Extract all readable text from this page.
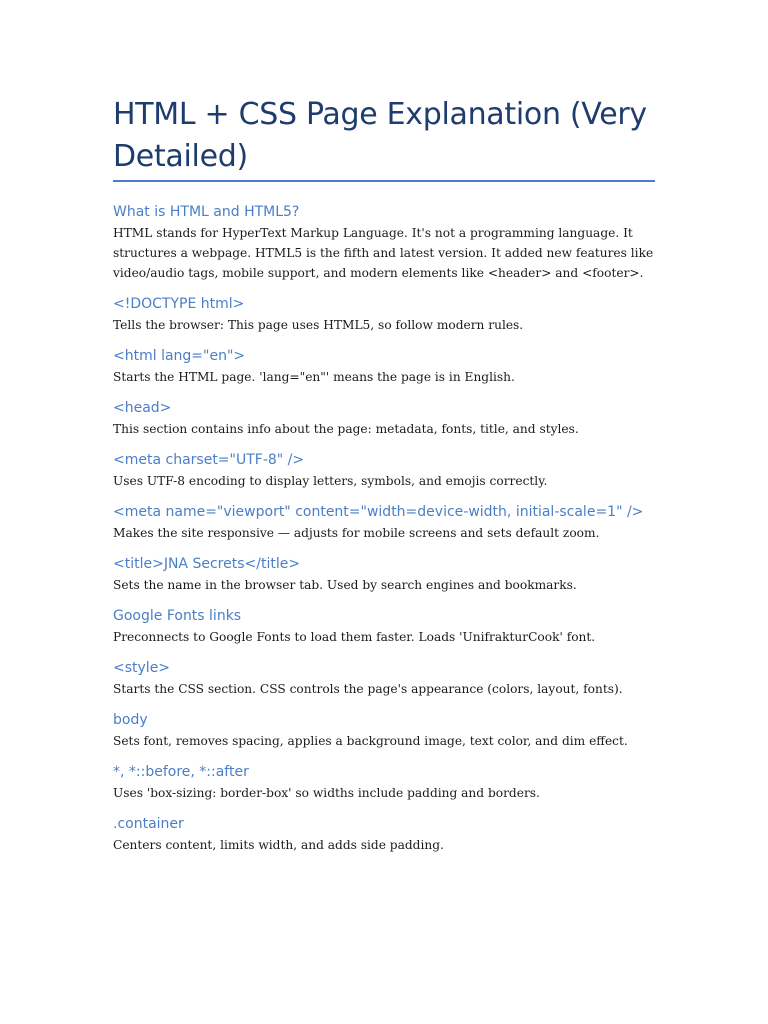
HTML + CSS Page Explanation (Very Detailed)
What is HTML and HTML5?

HTML stands for HyperText Markup Language. It's not a programming language. It structures a webpage. HTML5 is the fifth and latest version. It added new features like video/audio tags, mobile support, and modern elements like <header> and <footer>.

<!DOCTYPE html>

Tells the browser: This page uses HTML5, so follow modern rules.

<html lang="en">

Starts the HTML page. 'lang="en"' means the page is in English.

<head>

This section contains info about the page: metadata, fonts, title, and styles.

<meta charset="UTF-8" />

Uses UTF-8 encoding to display letters, symbols, and emojis correctly.

<meta name="viewport" content="width=device-width, initial-scale=1" />

Makes the site responsive — adjusts for mobile screens and sets default zoom.

<title>JNA Secrets</title>

Sets the name in the browser tab. Used by search engines and bookmarks.

Google Fonts links

Preconnects to Google Fonts to load them faster. Loads 'UnifrakturCook' font.

<style>

Starts the CSS section. CSS controls the page's appearance (colors, layout, fonts).

body

Sets font, removes spacing, applies a background image, text color, and dim effect.

*, *::before, *::after

Uses 'box-sizing: border-box' so widths include padding and borders.

.container

Centers content, limits width, and adds side padding.
